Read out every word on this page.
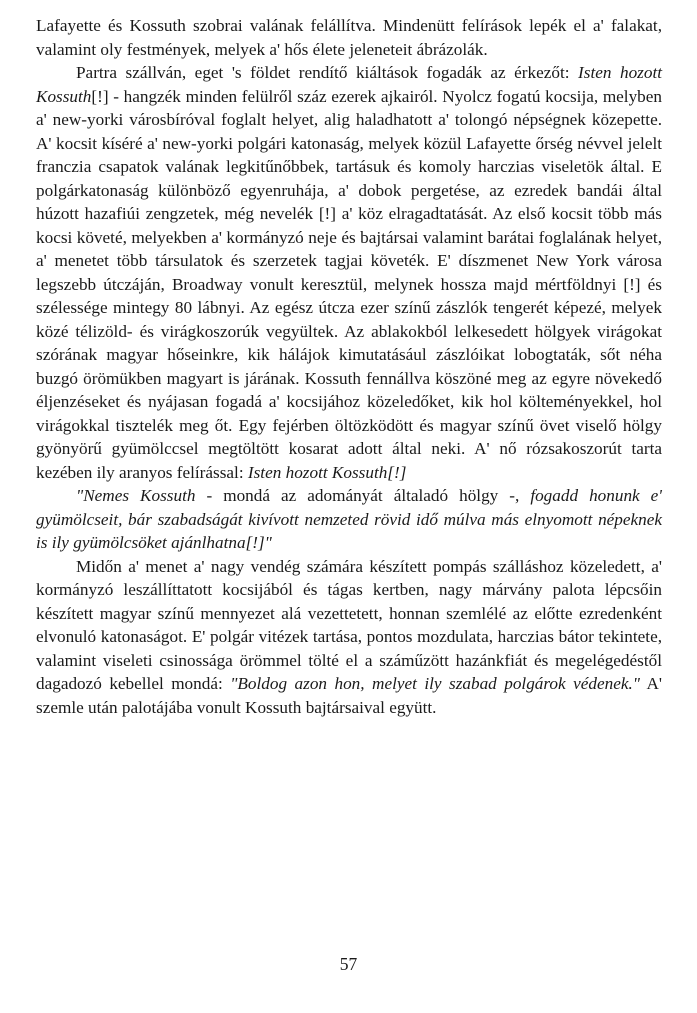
Lafayette és Kossuth szobrai valának felállítva. Mindenütt felírások lepék el a' falakat, valamint oly festmények, melyek a' hős élete jeleneteit ábrázolák.

Partra szállván, eget 's földet rendítő kiáltások fogadák az érkezőt: Isten hozott Kossuth[!] - hangzék minden felülről száz ezerek ajkairól. Nyolcz fogatú kocsija, melyben a' new-yorki városbíróval foglalt helyet, alig haladhatott a' tolongó népségnek közepette. A' kocsit kíséré a' new-yorki polgári katonaság, melyek közül Lafayette őrség névvel jelelt franczia csapatok valának legkitűnőbbek, tartásuk és komoly harczias viseletök által. E polgárkatonaság különböző egyenruhája, a' dobok pergetése, az ezredek bandái által húzott hazafiúi zengzetek, még nevelék [!] a' köz elragadtatását. Az első kocsit több más kocsi követé, melyekben a' kormányzó neje és bajtársai valamint barátai foglalának helyet, a' menetet több társulatok és szerzetek tagjai követék. E' díszmenet New York városa legszebb útczáján, Broadway vonult keresztül, melynek hossza majd mértföldnyi [!] és szélessége mintegy 80 lábnyi. Az egész útcza ezer színű zászlók tengerét képezé, melyek közé télizöld- és virágkoszorúk vegyültek. Az ablakokból lelkesedett hölgyek virágokat szórának magyar hőseinkre, kik hálájok kimutatásául zászlóikat lobogtaták, sőt néha buzgó örömükben magyart is járának. Kossuth fennállva köszöné meg az egyre növekedő éljenzéseket és nyájasan fogadá a' kocsijához közeledőket, kik hol költeményekkel, hol virágokkal tisztelék meg őt. Egy fejérben öltözködött és magyar színű övet viselő hölgy gyönyörű gyümölccsel megtöltött kosarat adott által neki. A' nő rózsakoszorút tarta kezében ily aranyos felírással: Isten hozott Kossuth[!]

"Nemes Kossuth - mondá az adományát általadó hölgy -, fogadd honunk e' gyümölcseit, bár szabadságát kivívott nemzeted rövid idő múlva más elnyomott népeknek is ily gyümölcsöket ajánlhatna[!]"

Midőn a' menet a' nagy vendég számára készített pompás szálláshoz közeledett, a' kormányzó leszállíttatott kocsijából és tágas kertben, nagy márvány palota lépcsőin készített magyar színű mennyezet alá vezettetett, honnan szemlélé az előtte ezredenként elvonuló katonaságot. E' polgár vitézek tartása, pontos mozdulata, harczias bátor tekintete, valamint viseleti csinossága örömmel tölté el a száműzött hazánkfiát és megelégedéstől dagadozó kebellel mondá: "Boldog azon hon, melyet ily szabad polgárok védenek." A' szemle után palotájába vonult Kossuth bajtársaival együtt.

57
